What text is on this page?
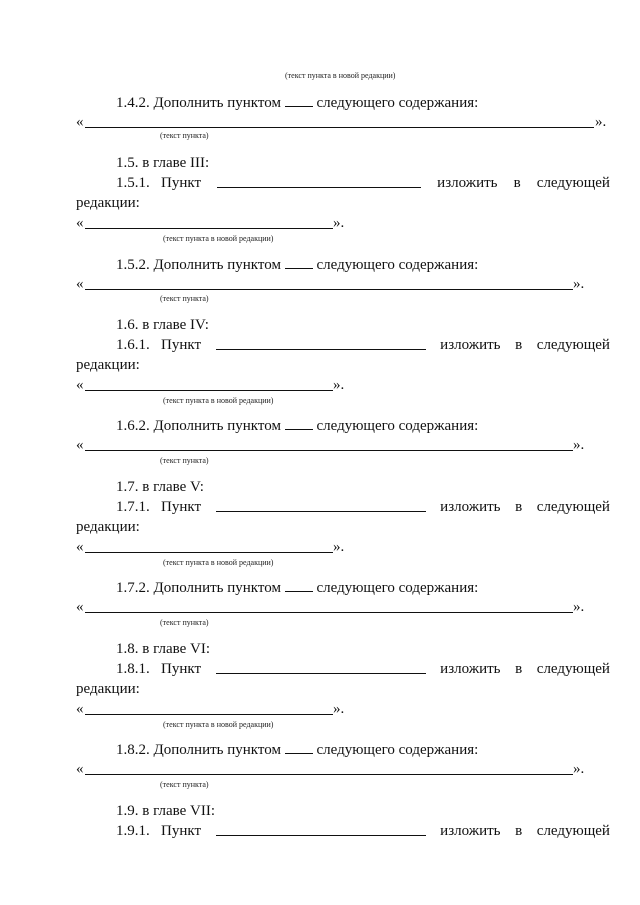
(текст пункта в новой редакции)
1.4.2. Дополнить пунктом следующего содержания:
«	».
(текст пункта)
1.5. в главе III:
1.5.1. Пункт	изложить в следующей
редакции:
«	».
(текст пункта в новой редакции)
1.5.2. Дополнить пунктом следующего содержания:
«	».
(текст пункта)
1.6. в главе IV:
1.6.1. Пункт	изложить в следующей
редакции:
«	».
(текст пункта в новой редакции)
1.6.2. Дополнить пунктом следующего содержания:
«	».
(текст пункта)
1.7. в главе V:
1.7.1. Пункт	изложить в следующей
редакции:
«	».
(текст пункта в новой редакции)
1.7.2. Дополнить пунктом следующего содержания:
«	».
(текст пункта)
1.8. в главе VI:
1.8.1. Пункт	изложить в следующей
редакции:
«	».
(текст пункта в новой редакции)
1.8.2. Дополнить пунктом следующего содержания:
«	».
(текст пункта)
1.9. в главе VII:
1.9.1. Пункт	изложить в следующей
